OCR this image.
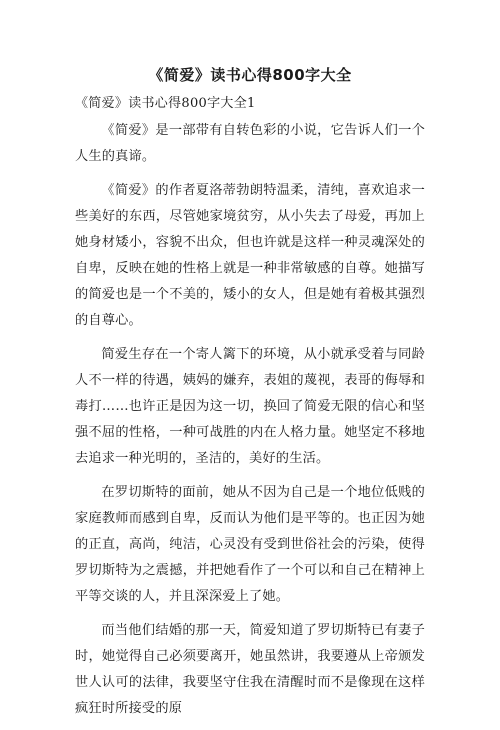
《简爱》读书心得800字大全
《简爱》读书心得800字大全1

《简爱》是一部带有自转色彩的小说，它告诉人们一个人生的真谛。

《简爱》的作者夏洛蒂勃朗特温柔，清纯，喜欢追求一些美好的东西，尽管她家境贫穷，从小失去了母爱，再加上她身材矮小，容貌不出众，但也许就是这样一种灵魂深处的自卑，反映在她的性格上就是一种非常敏感的自尊。她描写的简爱也是一个不美的，矮小的女人，但是她有着极其强烈的自尊心。

简爱生存在一个寄人篱下的环境，从小就承受着与同龄人不一样的待遇，姨妈的嫌弃，表姐的蔑视，表哥的侮辱和毒打……也许正是因为这一切，换回了简爱无限的信心和坚强不屈的性格，一种可战胜的内在人格力量。她坚定不移地去追求一种光明的，圣洁的，美好的生活。

在罗切斯特的面前，她从不因为自己是一个地位低贱的家庭教师而感到自卑，反而认为他们是平等的。也正因为她的正直，高尚，纯洁，心灵没有受到世俗社会的污染，使得罗切斯特为之震撼，并把她看作了一个可以和自己在精神上平等交谈的人，并且深深爱上了她。

而当他们结婚的那一天，简爱知道了罗切斯特已有妻子时，她觉得自己必须要离开，她虽然讲，我要遵从上帝颁发世人认可的法律，我要坚守住我在清醒时而不是像现在这样疯狂时所接受的原
